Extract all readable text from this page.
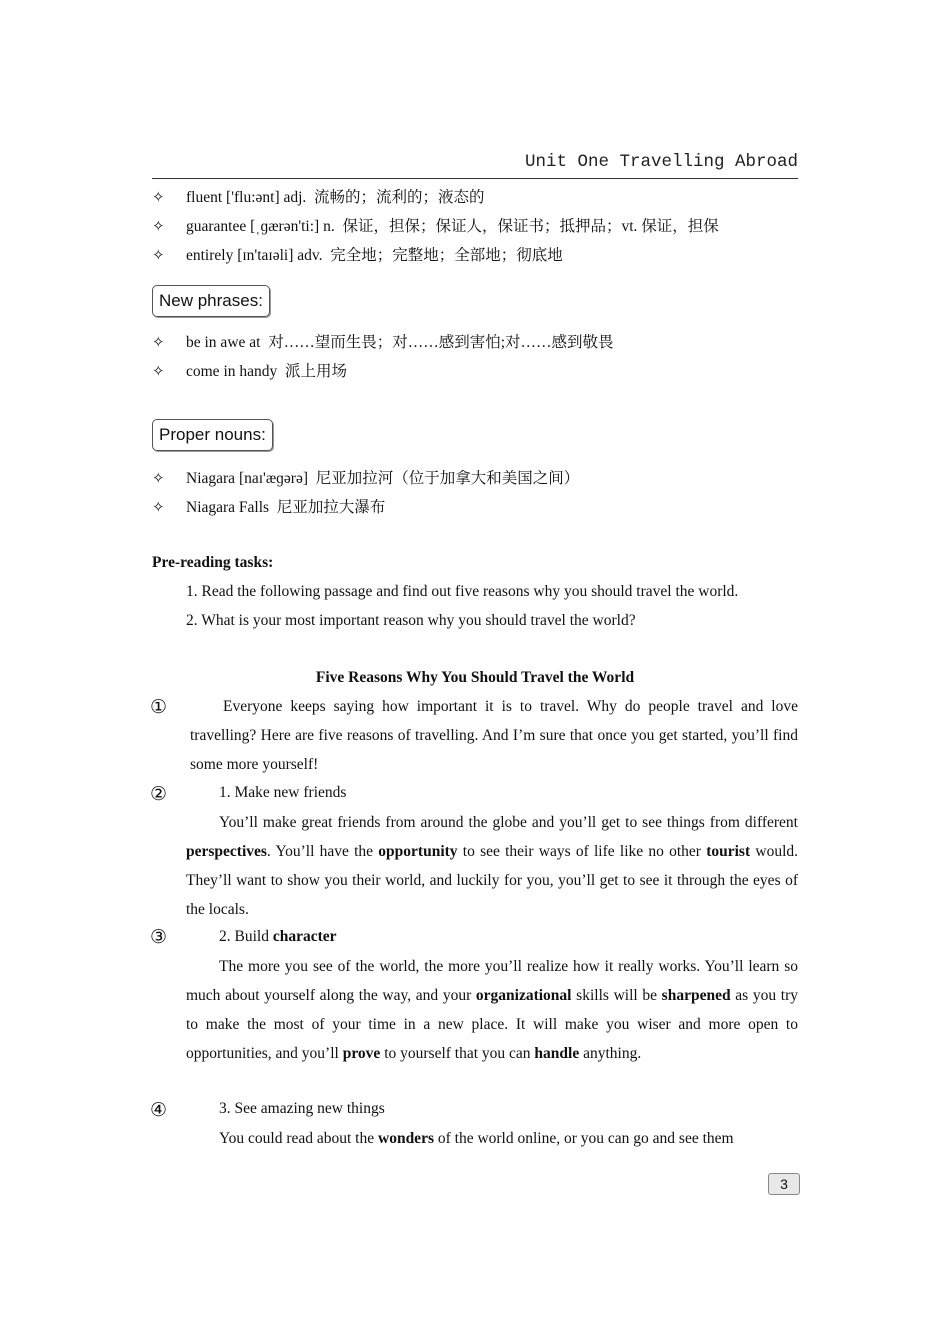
Unit One Travelling Abroad
✧ fluent ['flu:ənt] adj. 流畅的；流利的；液态的
✧ guarantee [ˌɡærən'ti:] n. 保证，担保；保证人，保证书；抵押品；vt. 保证，担保
✧ entirely [ɪn'taɪəli] adv. 完全地；完整地；全部地；彻底地
New phrases:
✧ be in awe at 对……望而生畏；对……感到害怕;对……感到敬畏
✧ come in handy 派上用场
Proper nouns:
✧ Niagara [naɪ'æɡərə] 尼亚加拉河（位于加拿大和美国之间）
✧ Niagara Falls 尼亚加拉大瀑布
Pre-reading tasks:
1. Read the following passage and find out five reasons why you should travel the world.
2. What is your most important reason why you should travel the world?
Five Reasons Why You Should Travel the World
①	Everyone keeps saying how important it is to travel. Why do people travel and love travelling? Here are five reasons of travelling. And I’m sure that once you get started, you’ll find some more yourself!
②	1. Make new friends
You’ll make great friends from around the globe and you’ll get to see things from different perspectives. You’ll have the opportunity to see their ways of life like no other tourist would. They’ll want to show you their world, and luckily for you, you’ll get to see it through the eyes of the locals.
③	2. Build character
The more you see of the world, the more you’ll realize how it really works. You’ll learn so much about yourself along the way, and your organizational skills will be sharpened as you try to make the most of your time in a new place. It will make you wiser and more open to opportunities, and you’ll prove to yourself that you can handle anything.
④	3. See amazing new things
You could read about the wonders of the world online, or you can go and see them
3
